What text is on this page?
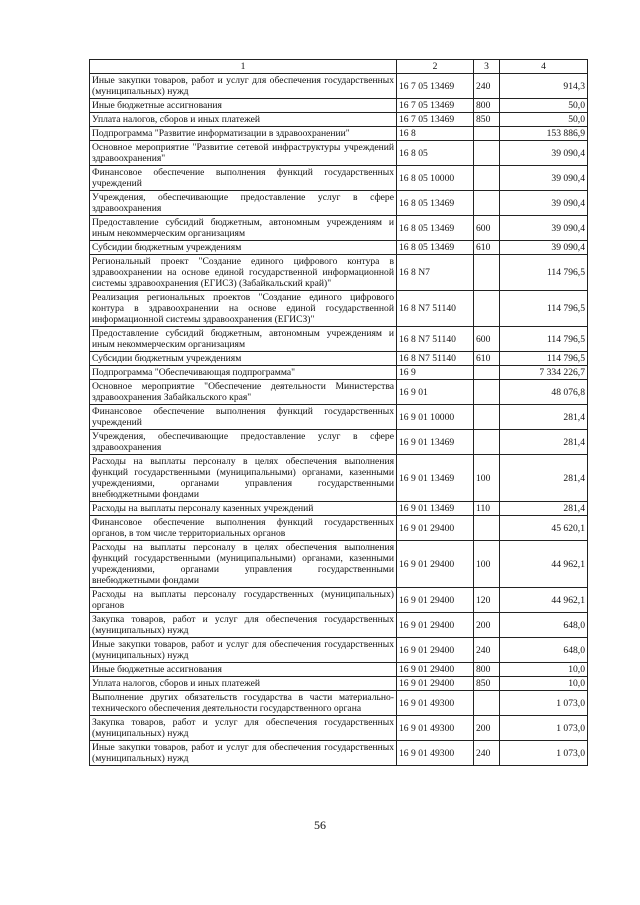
1	2	3	4
Иные закупки товаров, работ и услуг для обеспечения государственных (муниципальных) нужд	16 7 05 13469	240	914,3
Иные бюджетные ассигнования	16 7 05 13469	800	50,0
Уплата налогов, сборов и иных платежей	16 7 05 13469	850	50,0
Подпрограмма "Развитие информатизации в здравоохранении"	16 8		153 886,9
Основное мероприятие "Развитие сетевой инфраструктуры учреждений здравоохранения"	16 8 05		39 090,4
Финансовое обеспечение выполнения функций государственных учреждений	16 8 05 10000		39 090,4
Учреждения, обеспечивающие предоставление услуг в сфере здравоохранения	16 8 05 13469		39 090,4
Предоставление субсидий бюджетным, автономным учреждениям и иным некоммерческим организациям	16 8 05 13469	600	39 090,4
Субсидии бюджетным учреждениям	16 8 05 13469	610	39 090,4
Региональный проект "Создание единого цифрового контура в здравоохранении на основе единой государственной информационной системы здравоохранения (ЕГИСЗ) (Забайкальский край)"	16 8 N7		114 796,5
Реализация региональных проектов "Создание единого цифрового контура в здравоохранении на основе единой государственной информационной системы здравоохранения (ЕГИСЗ)"	16 8 N7 51140		114 796,5
Предоставление субсидий бюджетным, автономным учреждениям и иным некоммерческим организациям	16 8 N7 51140	600	114 796,5
Субсидии бюджетным учреждениям	16 8 N7 51140	610	114 796,5
Подпрограмма "Обеспечивающая подпрограмма"	16 9		7 334 226,7
Основное мероприятие "Обеспечение деятельности Министерства здравоохранения Забайкальского края"	16 9 01		48 076,8
Финансовое обеспечение выполнения функций государственных учреждений	16 9 01 10000		281,4
Учреждения, обеспечивающие предоставление услуг в сфере здравоохранения	16 9 01 13469		281,4
Расходы на выплаты персоналу в целях обеспечения выполнения функций государственными (муниципальными) органами, казенными учреждениями, органами управления государственными внебюджетными фондами	16 9 01 13469	100	281,4
Расходы на выплаты персоналу казенных учреждений	16 9 01 13469	110	281,4
Финансовое обеспечение выполнения функций государственных органов, в том числе территориальных органов	16 9 01 29400		45 620,1
Расходы на выплаты персоналу в целях обеспечения выполнения функций государственными (муниципальными) органами, казенными учреждениями, органами управления государственными внебюджетными фондами	16 9 01 29400	100	44 962,1
Расходы на выплаты персоналу государственных (муниципальных) органов	16 9 01 29400	120	44 962,1
Закупка товаров, работ и услуг для обеспечения государственных (муниципальных) нужд	16 9 01 29400	200	648,0
Иные закупки товаров, работ и услуг для обеспечения государственных (муниципальных) нужд	16 9 01 29400	240	648,0
Иные бюджетные ассигнования	16 9 01 29400	800	10,0
Уплата налогов, сборов и иных платежей	16 9 01 29400	850	10,0
Выполнение других обязательств государства в части материально-технического обеспечения деятельности государственного органа	16 9 01 49300		1 073,0
Закупка товаров, работ и услуг для обеспечения государственных (муниципальных) нужд	16 9 01 49300	200	1 073,0
Иные закупки товаров, работ и услуг для обеспечения государственных (муниципальных) нужд	16 9 01 49300	240	1 073,0
56
